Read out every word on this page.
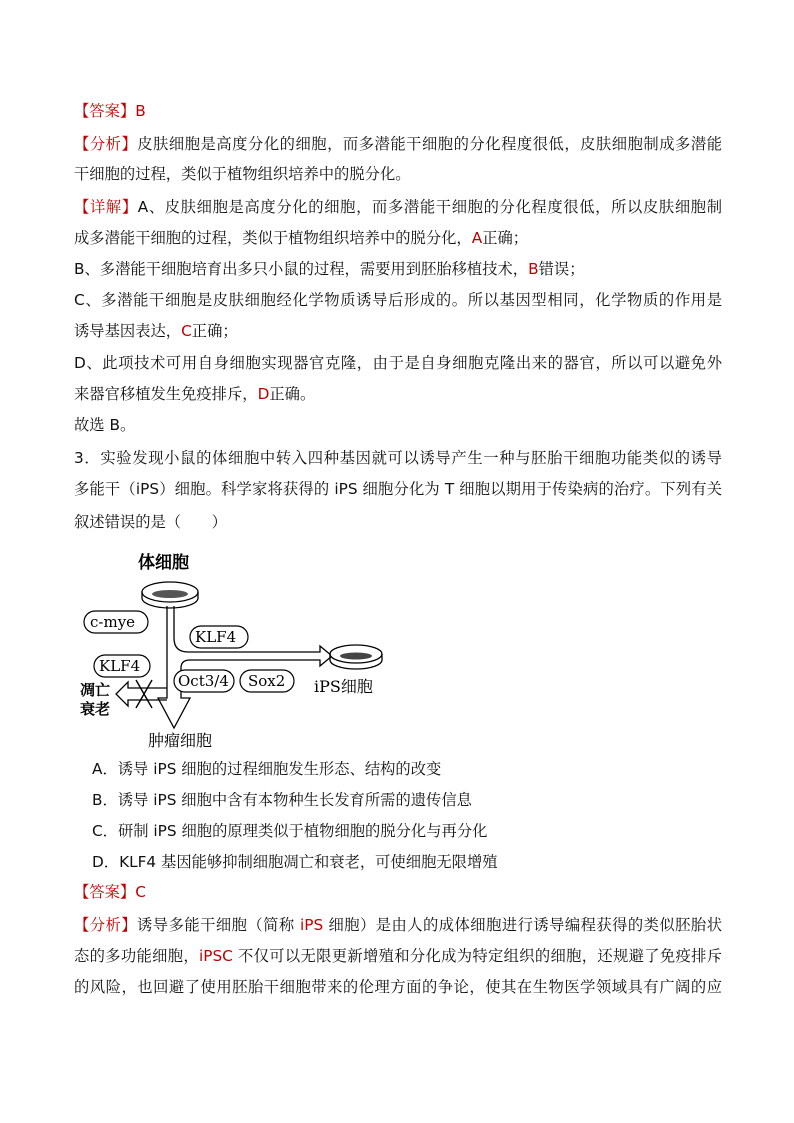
【答案】B
【分析】皮肤细胞是高度分化的细胞，而多潜能干细胞的分化程度很低，皮肤细胞制成多潜能
干细胞的过程，类似于植物组织培养中的脱分化。
【详解】A、皮肤细胞是高度分化的细胞，而多潜能干细胞的分化程度很低，所以皮肤细胞制
成多潜能干细胞的过程，类似于植物组织培养中的脱分化，A正确；
B、多潜能干细胞培育出多只小鼠的过程，需要用到胚胎移植技术，B错误；
C、多潜能干细胞是皮肤细胞经化学物质诱导后形成的。所以基因型相同，化学物质的作用是
诱导基因表达，C正确；
D、此项技术可用自身细胞实现器官克隆，由于是自身细胞克隆出来的器官，所以可以避免外
来器官移植发生免疫排斥，D正确。
故选 B。
3．实验发现小鼠的体细胞中转入四种基因就可以诱导产生一种与胚胎干细胞功能类似的诱导
多能干（iPS）细胞。科学家将获得的 iPS 细胞分化为 T 细胞以期用于传染病的治疗。下列有关
叙述错误的是（　　）
体细胞
c-mye
KLF4
KLF4
凋亡
衰老
Oct3/4 Sox2 iPS细胞
肿瘤细胞
A．诱导 iPS 细胞的过程细胞发生形态、结构的改变
B．诱导 iPS 细胞中含有本物种生长发育所需的遗传信息
C．研制 iPS 细胞的原理类似于植物细胞的脱分化与再分化
D．KLF4 基因能够抑制细胞凋亡和衰老，可使细胞无限增殖
【答案】C
【分析】诱导多能干细胞（简称 iPS 细胞）是由人的成体细胞进行诱导编程获得的类似胚胎状
态的多功能细胞，iPSC 不仅可以无限更新增殖和分化成为特定组织的细胞，还规避了免疫排斥
的风险，也回避了使用胚胎干细胞带来的伦理方面的争论，使其在生物医学领域具有广阔的应
